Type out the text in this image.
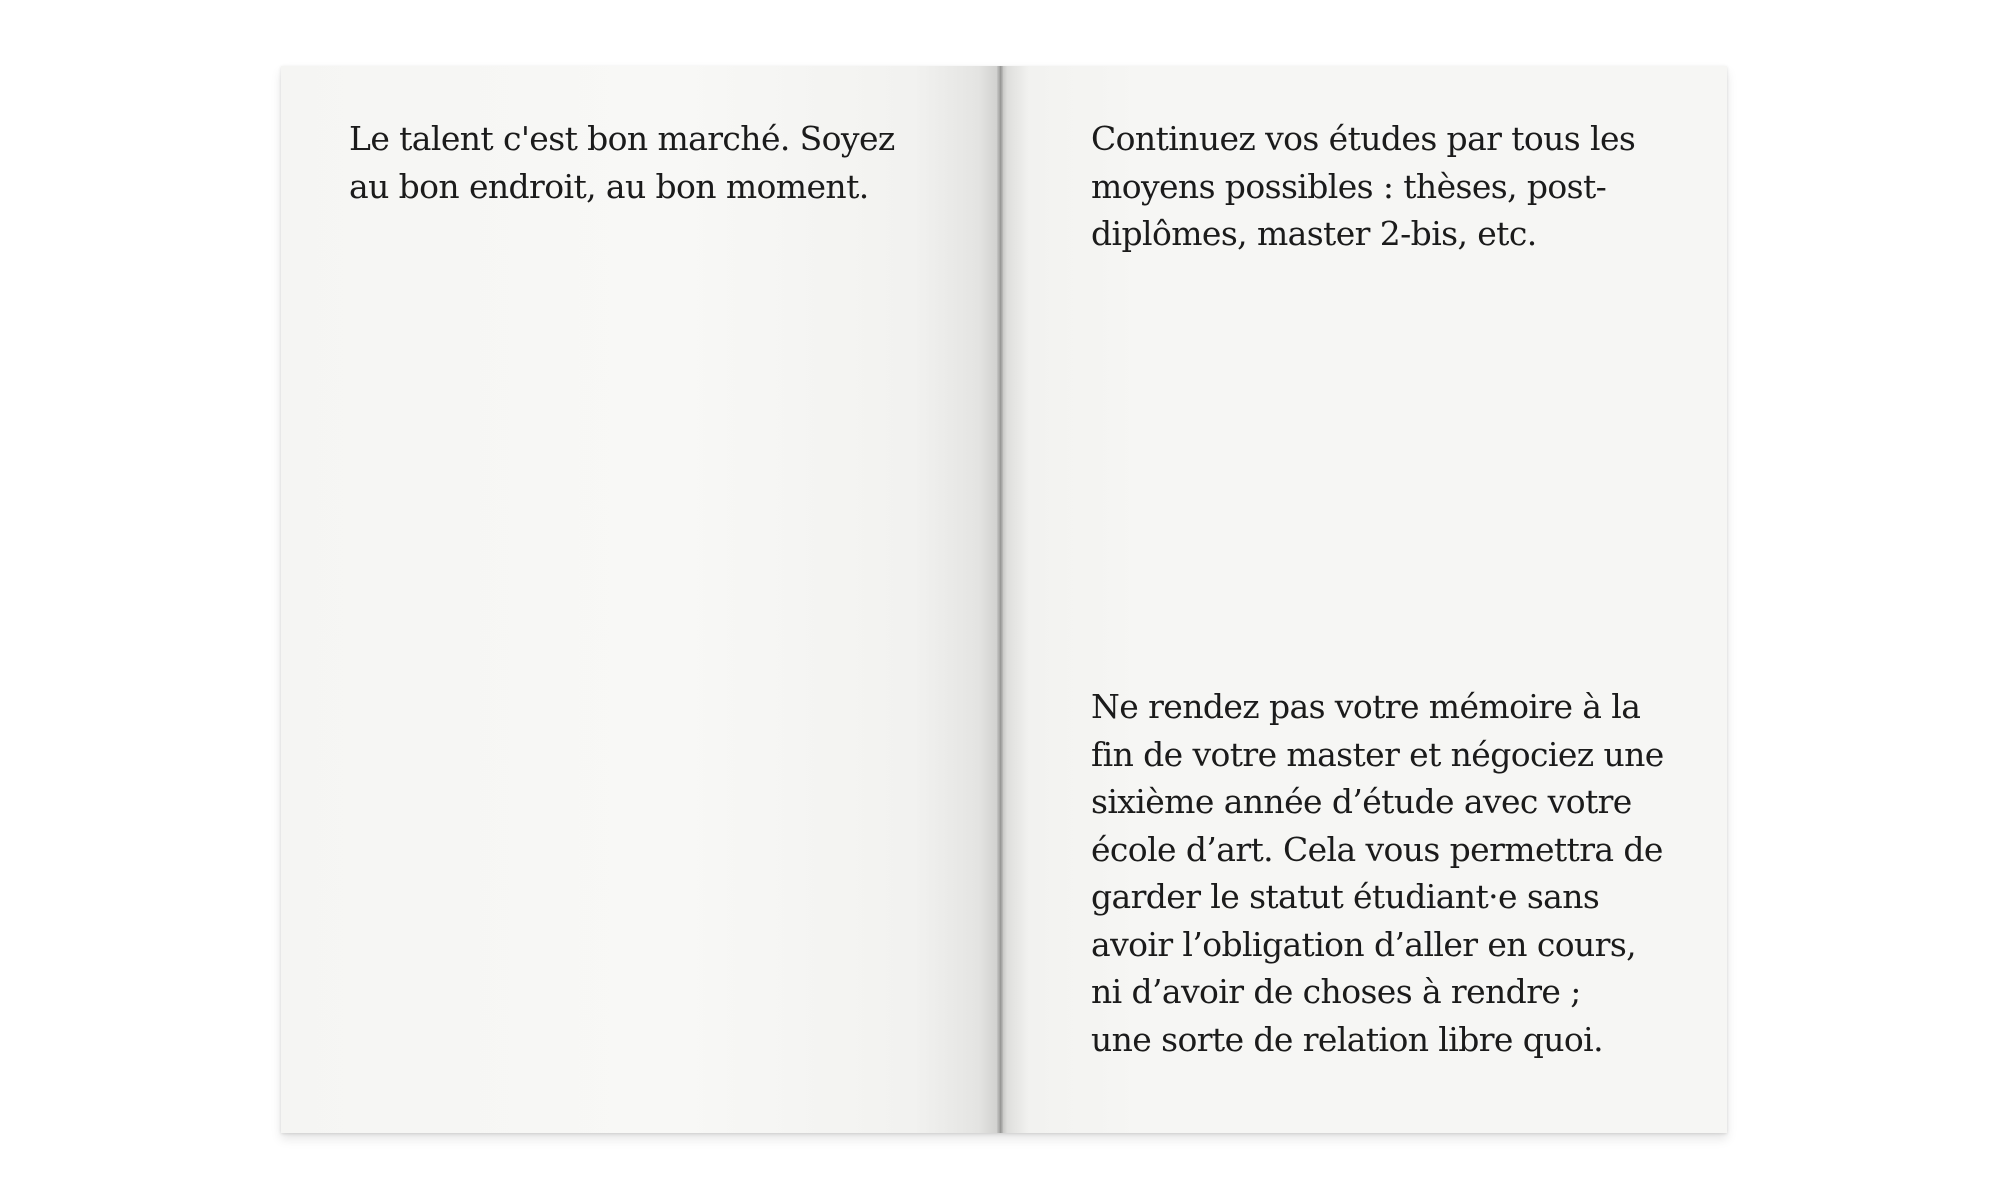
Le talent c'est bon marché. Soyez
au bon endroit, au bon moment.

Continuez vos études par tous les
moyens possibles : thèses, post-
diplômes, master 2-bis, etc.

Ne rendez pas votre mémoire à la
fin de votre master et négociez une
sixième année d’étude avec votre
école d’art. Cela vous permettra de
garder le statut étudiant·e sans
avoir l’obligation d’aller en cours,
ni d’avoir de choses à rendre ;
une sorte de relation libre quoi.
